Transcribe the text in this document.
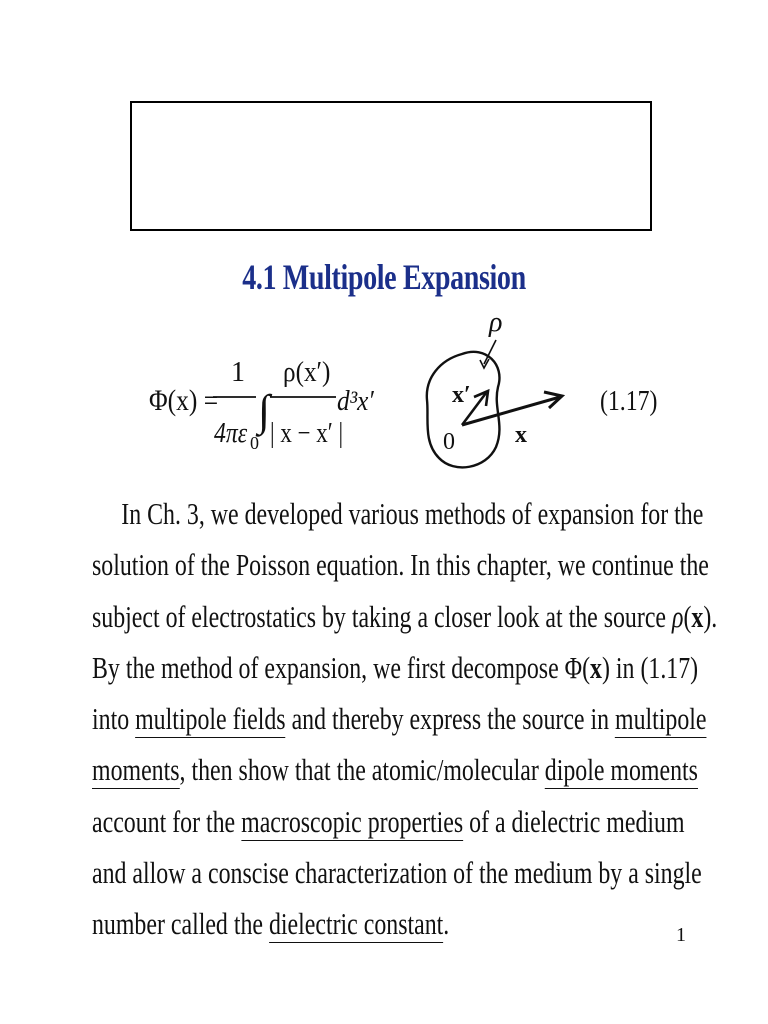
4.1 Multipole Expansion
Φ(x) =
1
4πε 0
∫
ρ(x′)
| x − x′ |
d³x′
ρ
x′
0	x
(1.17)
In Ch. 3, we developed various methods of expansion for the
solution of the Poisson equation. In this chapter, we continue the
subject of electrostatics by taking a closer look at the source ρ(x).
By the method of expansion, we first decompose Φ(x) in (1.17)
into multipole fields and thereby express the source in multipole
moments, then show that the atomic/molecular dipole moments
account for the macroscopic properties of a dielectric medium
and allow a conscise characterization of the medium by a single
number called the dielectric constant.	1
